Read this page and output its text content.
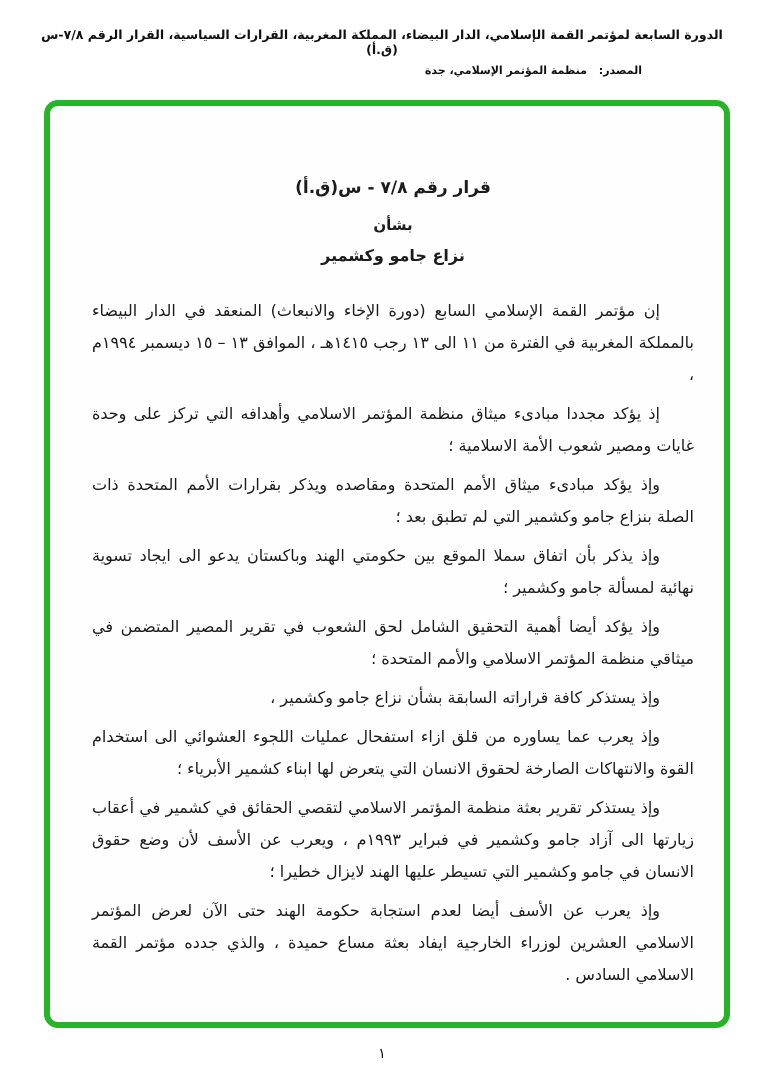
الدورة السابعة لمؤتمر القمة الإسلامي، الدار البيضاء، المملكة المغربية، القرارات السياسية، القرار الرقم ٧/٨-س (ق.أ)
المصدر: منظمة المؤتمر الإسلامي، جدة
قرار رقم ٧/٨ - س(ق.أ)
بشأن
نزاع جامو وكشمير

إن مؤتمر القمة الإسلامي السابع (دورة الإخاء والانبعاث) المنعقد في الدار البيضاء بالمملكة المغربية في الفترة من ١١ الى ١٣ رجب ١٤١٥هـ ، الموافق ١٣ – ١٥ ديسمبر ١٩٩٤م ،

إذ يؤكد مجددا مبادىء ميثاق منظمة المؤتمر الاسلامي وأهدافه التي تركز على وحدة غايات ومصير شعوب الأمة الاسلامية ؛

وإذ يؤكد مبادىء ميثاق الأمم المتحدة ومقاصده ويذكر بقرارات الأمم المتحدة ذات الصلة بنزاع جامو وكشمير التي لم تطبق بعد ؛

وإذ يذكر بأن اتفاق سملا الموقع بين حكومتي الهند وباكستان يدعو الى ايجاد تسوية نهائية لمسألة جامو وكشمير ؛

وإذ يؤكد أيضا أهمية التحقيق الشامل لحق الشعوب في تقرير المصير المتضمن في ميثاقي منظمة المؤتمر الاسلامي والأمم المتحدة ؛

وإذ يستذكر كافة قراراته السابقة بشأن نزاع جامو وكشمير ،

وإذ يعرب عما يساوره من قلق ازاء استفحال عمليات اللجوء العشوائي الى استخدام القوة والانتهاكات الصارخة لحقوق الانسان التي يتعرض لها ابناء كشمير الأبرياء ؛

وإذ يستذكر تقرير بعثة منظمة المؤتمر الاسلامي لتقصي الحقائق في كشمير في أعقاب زيارتها الى آزاد جامو وكشمير في فبراير ١٩٩٣م ، ويعرب عن الأسف لأن وضع حقوق الانسان في جامو وكشمير التي تسيطر عليها الهند لايزال خطيرا ؛

وإذ يعرب عن الأسف أيضا لعدم استجابة حكومة الهند حتى الآن لعرض المؤتمر الاسلامي العشرين لوزراء الخارجية ايفاد بعثة مساع حميدة ، والذي جدده مؤتمر القمة الاسلامي السادس .

١
